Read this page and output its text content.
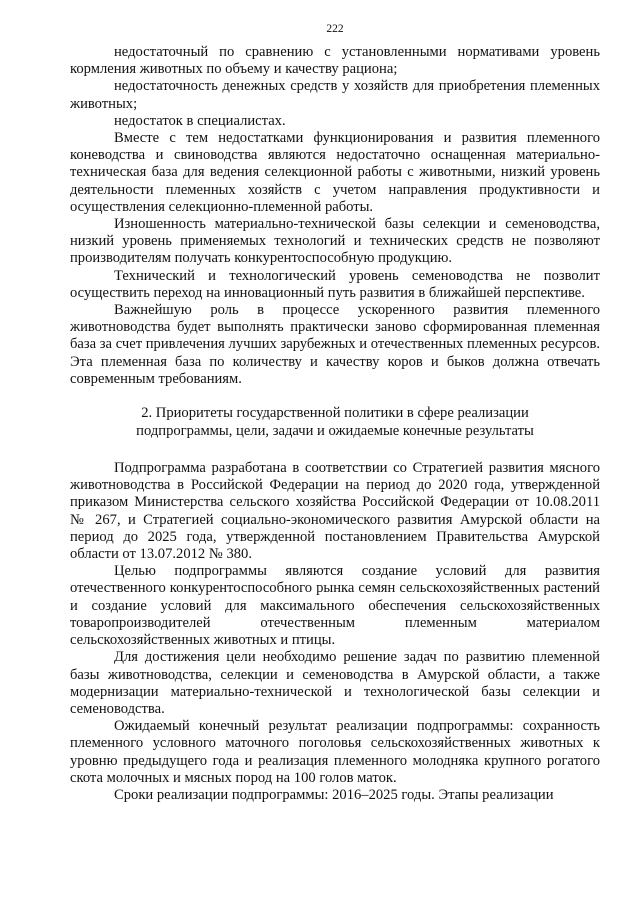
222

недостаточный по сравнению с установленными нормативами уровень кормления животных по объему и качеству рациона;

недостаточность денежных средств у хозяйств для приобретения племенных животных;

недостаток в специалистах.

Вместе с тем недостатками функционирования и развития племенного коневодства и свиноводства являются недостаточно оснащенная материально-техническая база для ведения селекционной работы с животными, низкий уровень деятельности племенных хозяйств с учетом направления продуктивности и осуществления селекционно-племенной работы.

Изношенность материально-технической базы селекции и семеноводства, низкий уровень применяемых технологий и технических средств не позволяют производителям получать конкурентоспособную продукцию.

Технический и технологический уровень семеноводства не позволит осуществить переход на инновационный путь развития в ближайшей перспективе.

Важнейшую роль в процессе ускоренного развития племенного животноводства будет выполнять практически заново сформированная племенная база за счет привлечения лучших зарубежных и отечественных племенных ресурсов. Эта племенная база по количеству и качеству коров и быков должна отвечать современным требованиям.

2. Приоритеты государственной политики в сфере реализации
подпрограммы, цели, задачи и ожидаемые конечные результаты

Подпрограмма разработана в соответствии со Стратегией развития мясного животноводства в Российской Федерации на период до 2020 года, утвержденной приказом Министерства сельского хозяйства Российской Федерации от 10.08.2011 № 267, и Стратегией социально-экономического развития Амурской области на период до 2025 года, утвержденной постановлением Правительства Амурской области от 13.07.2012 № 380.

Целью подпрограммы являются создание условий для развития отечественного конкурентоспособного рынка семян сельскохозяйственных растений и создание условий для максимального обеспечения сельскохозяйственных товаропроизводителей отечественным племенным материалом сельскохозяйственных животных и птицы.

Для достижения цели необходимо решение задач по развитию племенной базы животноводства, селекции и семеноводства в Амурской области, а также модернизации материально-технической и технологической базы селекции и семеноводства.

Ожидаемый конечный результат реализации подпрограммы: сохранность племенного условного маточного поголовья сельскохозяйственных животных к уровню предыдущего года и реализация племенного молодняка крупного рогатого скота молочных и мясных пород на 100 голов маток.

Сроки реализации подпрограммы: 2016–2025 годы. Этапы реализации
